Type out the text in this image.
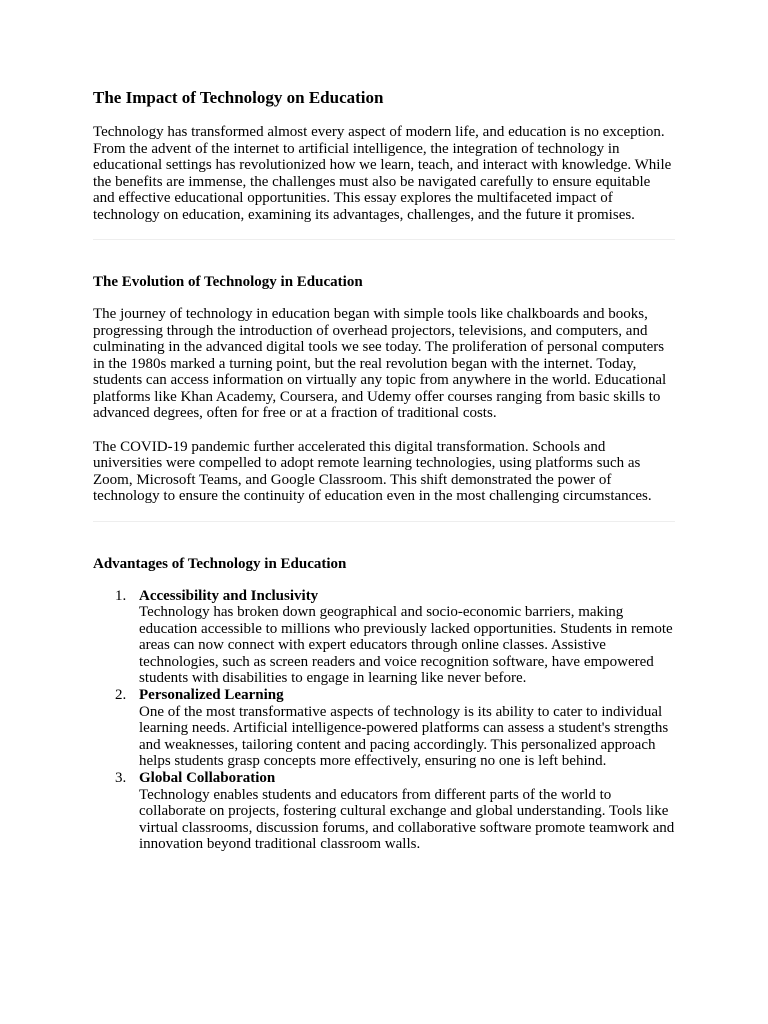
The Impact of Technology on Education

Technology has transformed almost every aspect of modern life, and education is no exception. From the advent of the internet to artificial intelligence, the integration of technology in educational settings has revolutionized how we learn, teach, and interact with knowledge. While the benefits are immense, the challenges must also be navigated carefully to ensure equitable and effective educational opportunities. This essay explores the multifaceted impact of technology on education, examining its advantages, challenges, and the future it promises.

The Evolution of Technology in Education

The journey of technology in education began with simple tools like chalkboards and books, progressing through the introduction of overhead projectors, televisions, and computers, and culminating in the advanced digital tools we see today. The proliferation of personal computers in the 1980s marked a turning point, but the real revolution began with the internet. Today, students can access information on virtually any topic from anywhere in the world. Educational platforms like Khan Academy, Coursera, and Udemy offer courses ranging from basic skills to advanced degrees, often for free or at a fraction of traditional costs.

The COVID-19 pandemic further accelerated this digital transformation. Schools and universities were compelled to adopt remote learning technologies, using platforms such as Zoom, Microsoft Teams, and Google Classroom. This shift demonstrated the power of technology to ensure the continuity of education even in the most challenging circumstances.

Advantages of Technology in Education
1. Accessibility and Inclusivity
Technology has broken down geographical and socio-economic barriers, making education accessible to millions who previously lacked opportunities. Students in remote areas can now connect with expert educators through online classes. Assistive technologies, such as screen readers and voice recognition software, have empowered students with disabilities to engage in learning like never before.
2. Personalized Learning
One of the most transformative aspects of technology is its ability to cater to individual learning needs. Artificial intelligence-powered platforms can assess a student's strengths and weaknesses, tailoring content and pacing accordingly. This personalized approach helps students grasp concepts more effectively, ensuring no one is left behind.
3. Global Collaboration
Technology enables students and educators from different parts of the world to collaborate on projects, fostering cultural exchange and global understanding. Tools like virtual classrooms, discussion forums, and collaborative software promote teamwork and innovation beyond traditional classroom walls.
